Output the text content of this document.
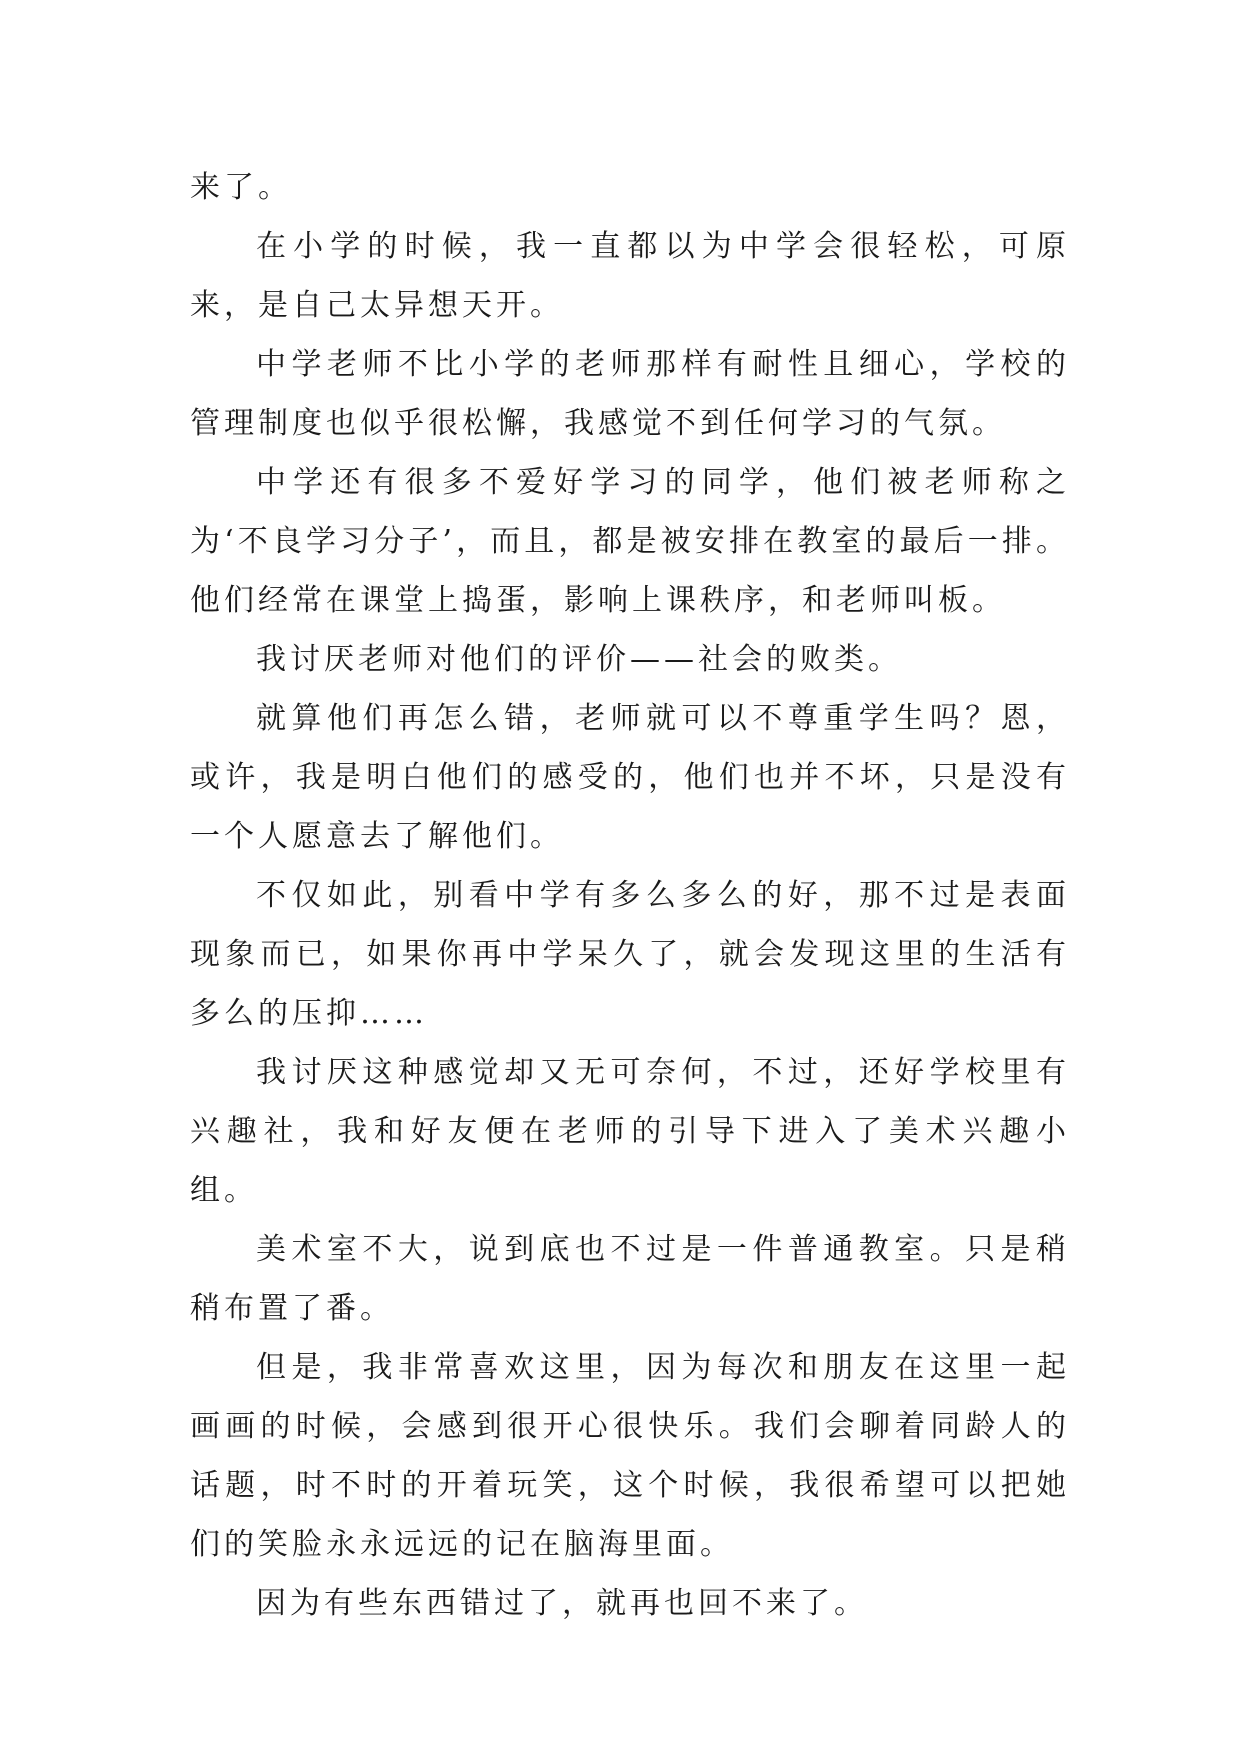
来了。

在小学的时候，我一直都以为中学会很轻松，可原来，是自己太异想天开。

中学老师不比小学的老师那样有耐性且细心，学校的管理制度也似乎很松懈，我感觉不到任何学习的气氛。

中学还有很多不爱好学习的同学，他们被老师称之为‘不良学习分子’，而且，都是被安排在教室的最后一排。他们经常在课堂上捣蛋，影响上课秩序，和老师叫板。

我讨厌老师对他们的评价——社会的败类。

就算他们再怎么错，老师就可以不尊重学生吗？恩，或许，我是明白他们的感受的，他们也并不坏，只是没有一个人愿意去了解他们。

不仅如此，别看中学有多么多么的好，那不过是表面现象而已，如果你再中学呆久了，就会发现这里的生活有多么的压抑……

我讨厌这种感觉却又无可奈何，不过，还好学校里有兴趣社，我和好友便在老师的引导下进入了美术兴趣小组。

美术室不大，说到底也不过是一件普通教室。只是稍稍布置了番。

但是，我非常喜欢这里，因为每次和朋友在这里一起画画的时候，会感到很开心很快乐。我们会聊着同龄人的话题，时不时的开着玩笑，这个时候，我很希望可以把她们的笑脸永永远远的记在脑海里面。

因为有些东西错过了，就再也回不来了。
